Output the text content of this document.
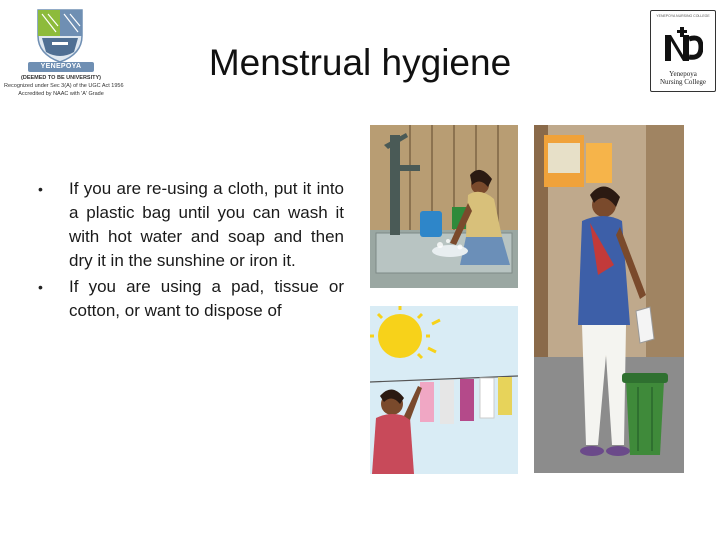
YENEPOYA
(DEEMED TO BE UNIVERSITY)
Recognized under Sec 3(A) of the UGC Act 1956
Accredited by NAAC with 'A' Grade
YENEPOYA NURSING COLLEGE
Yenepoya
Nursing College
Menstrual hygiene
• If you are re-using a cloth, put it into a plastic bag until you can wash it with hot water and soap and then dry it in the sunshine or iron it.
• If you are using a pad, tissue or cotton, or want to dispose of
